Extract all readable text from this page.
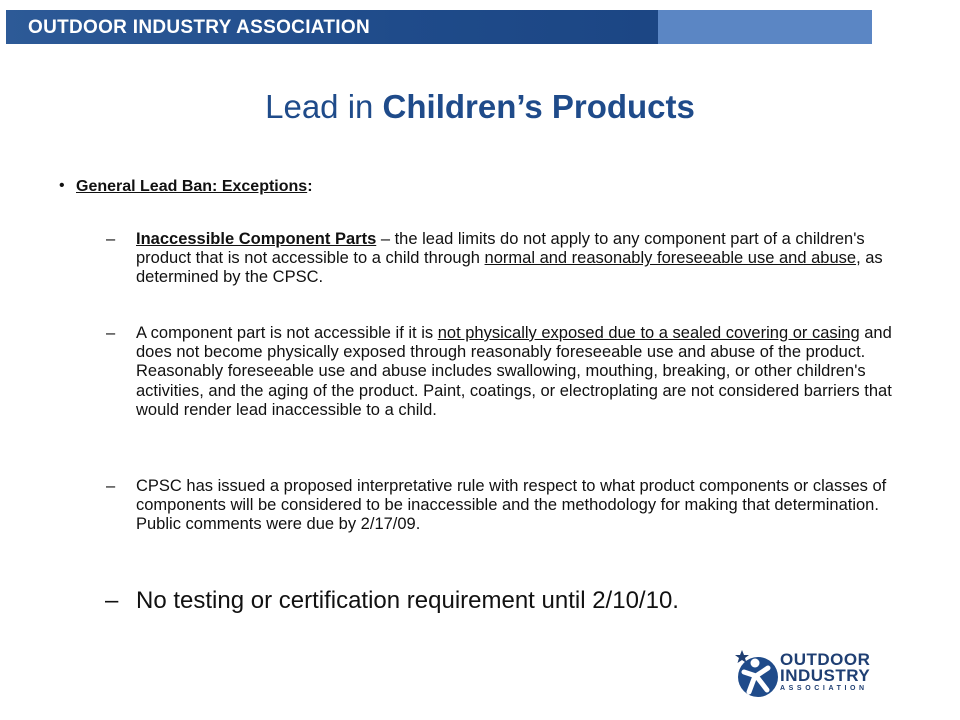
OUTDOOR INDUSTRY ASSOCIATION
Lead in Children’s Products
• General Lead Ban: Exceptions:
– Inaccessible Component Parts – the lead limits do not apply to any component part of a children's product that is not accessible to a child through normal and reasonably foreseeable use and abuse, as determined by the CPSC.
– A component part is not accessible if it is not physically exposed due to a sealed covering or casing and does not become physically exposed through reasonably foreseeable use and abuse of the product. Reasonably foreseeable use and abuse includes swallowing, mouthing, breaking, or other children's activities, and the aging of the product. Paint, coatings, or electroplating are not considered barriers that would render lead inaccessible to a child.
– CPSC has issued a proposed interpretative rule with respect to what product components or classes of components will be considered to be inaccessible and the methodology for making that determination. Public comments were due by 2/17/09.
– No testing or certification requirement until 2/10/10.
OUTDOOR
INDUSTRY
ASSOCIATION
